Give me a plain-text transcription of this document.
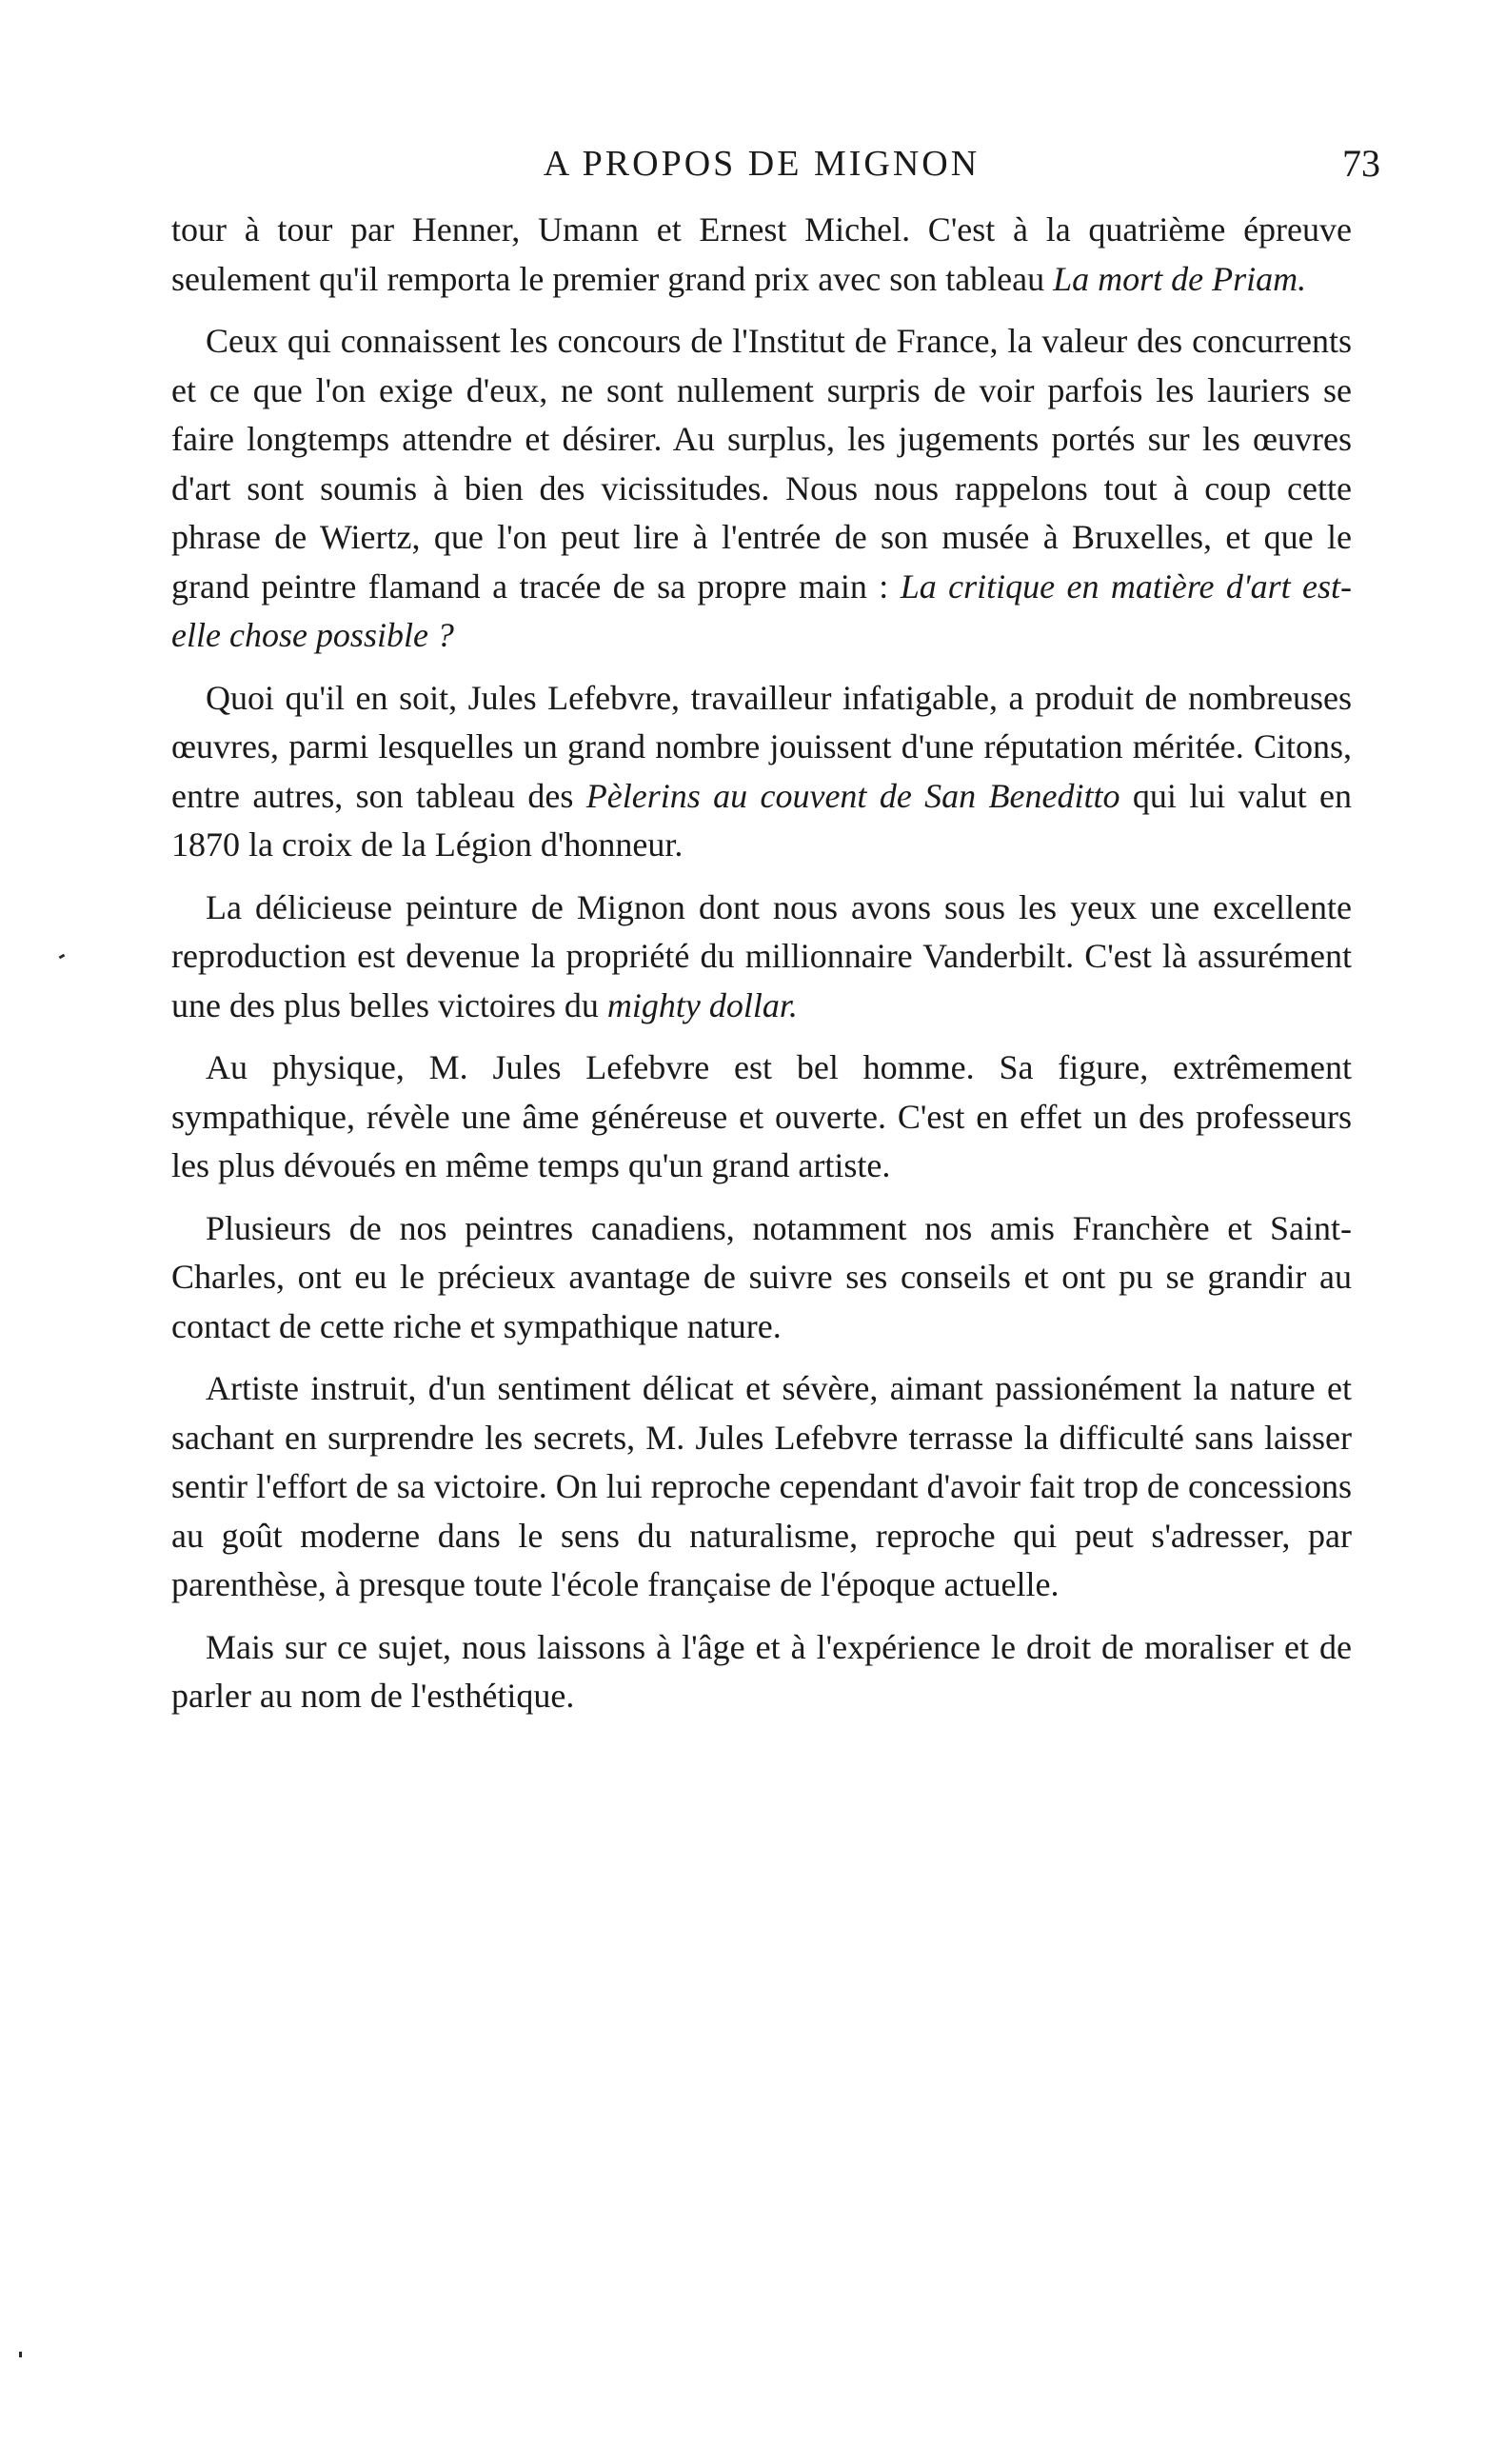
A PROPOS DE MIGNON	73

tour à tour par Henner, Umann et Ernest Michel. C'est à la quatrième épreuve seulement qu'il remporta le premier grand prix avec son tableau La mort de Priam.

Ceux qui connaissent les concours de l'Institut de France, la valeur des concurrents et ce que l'on exige d'eux, ne sont nullement surpris de voir parfois les lauriers se faire longtemps attendre et désirer. Au surplus, les jugements portés sur les œuvres d'art sont soumis à bien des vicissitudes. Nous nous rappelons tout à coup cette phrase de Wiertz, que l'on peut lire à l'entrée de son musée à Bruxelles, et que le grand peintre flamand a tracée de sa propre main : La critique en matière d'art est-elle chose possible ?

Quoi qu'il en soit, Jules Lefebvre, travailleur infatigable, a produit de nombreuses œuvres, parmi lesquelles un grand nombre jouissent d'une réputation méritée. Citons, entre autres, son tableau des Pèlerins au couvent de San Beneditto qui lui valut en 1870 la croix de la Légion d'honneur.

La délicieuse peinture de Mignon dont nous avons sous les yeux une excellente reproduction est devenue la propriété du millionnaire Vanderbilt. C'est là assurément une des plus belles victoires du mighty dollar.

Au physique, M. Jules Lefebvre est bel homme. Sa figure, extrêmement sympathique, révèle une âme généreuse et ouverte. C'est en effet un des professeurs les plus dévoués en même temps qu'un grand artiste.

Plusieurs de nos peintres canadiens, notamment nos amis Franchère et Saint-Charles, ont eu le précieux avantage de suivre ses conseils et ont pu se grandir au contact de cette riche et sympathique nature.

Artiste instruit, d'un sentiment délicat et sévère, aimant passionément la nature et sachant en surprendre les secrets, M. Jules Lefebvre terrasse la difficulté sans laisser sentir l'effort de sa victoire. On lui reproche cependant d'avoir fait trop de concessions au goût moderne dans le sens du naturalisme, reproche qui peut s'adresser, par parenthèse, à presque toute l'école française de l'époque actuelle.

Mais sur ce sujet, nous laissons à l'âge et à l'expérience le droit de moraliser et de parler au nom de l'esthétique.
